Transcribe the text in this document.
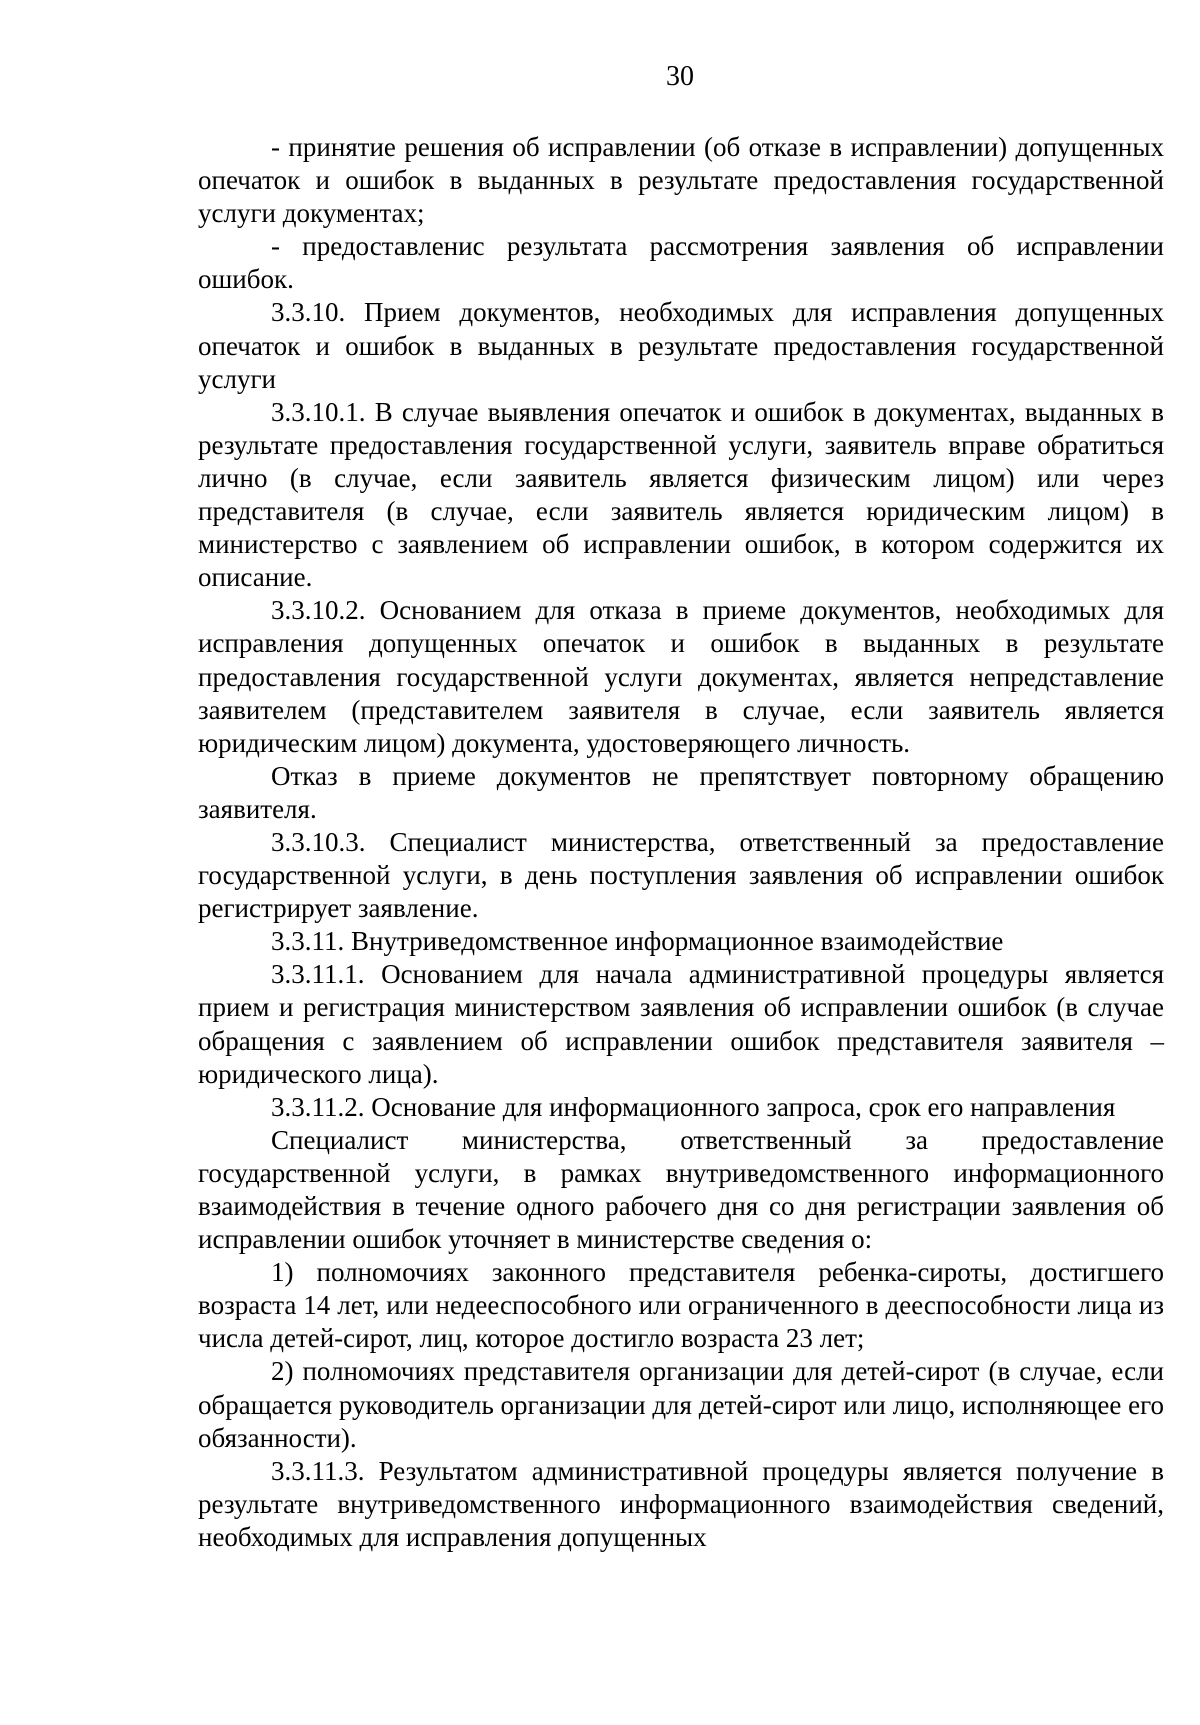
30

- принятие решения об исправлении (об отказе в исправлении) допущенных опечаток и ошибок в выданных в результате предоставления государственной услуги документах;

- предоставлениc результата рассмотрения заявления об исправлении ошибок.

3.3.10. Прием документов, необходимых для исправления допущенных опечаток и ошибок в выданных в результате предоставления государственной услуги

3.3.10.1. В случае выявления опечаток и ошибок в документах, выданных в результате предоставления государственной услуги, заявитель вправе обратиться лично (в случае, если заявитель является физическим лицом) или через представителя (в случае, если заявитель является юридическим лицом) в министерство с заявлением об исправлении ошибок, в котором содержится их описание.

3.3.10.2. Основанием для отказа в приеме документов, необходимых для исправления допущенных опечаток и ошибок в выданных в результате предоставления государственной услуги документах, является непредставление заявителем (представителем заявителя в случае, если заявитель является юридическим лицом) документа, удостоверяющего личность.

Отказ в приеме документов не препятствует повторному обращению заявителя.

3.3.10.3. Специалист министерства, ответственный за предоставление государственной услуги, в день поступления заявления об исправлении ошибок регистрирует заявление.

3.3.11. Внутриведомственное информационное взаимодействие

3.3.11.1. Основанием для начала административной процедуры является прием и регистрация министерством заявления об исправлении ошибок (в случае обращения с заявлением об исправлении ошибок представителя заявителя – юридического лица).

3.3.11.2. Основание для информационного запроса, срок его направления

Специалист министерства, ответственный за предоставление государственной услуги, в рамках внутриведомственного информационного взаимодействия в течение одного рабочего дня со дня регистрации заявления об исправлении ошибок уточняет в министерстве сведения о:

1) полномочиях законного представителя ребенка-сироты, достигшего возраста 14 лет, или недееспособного или ограниченного в дееспособности лица из числа детей-сирот, лиц, которое достигло возраста 23 лет;

2) полномочиях представителя организации для детей-сирот (в случае, если обращается руководитель организации для детей-сирот или лицо, исполняющее его обязанности).

3.3.11.3. Результатом административной процедуры является получение в результате внутриведомственного информационного взаимодействия сведений, необходимых для исправления допущенных
